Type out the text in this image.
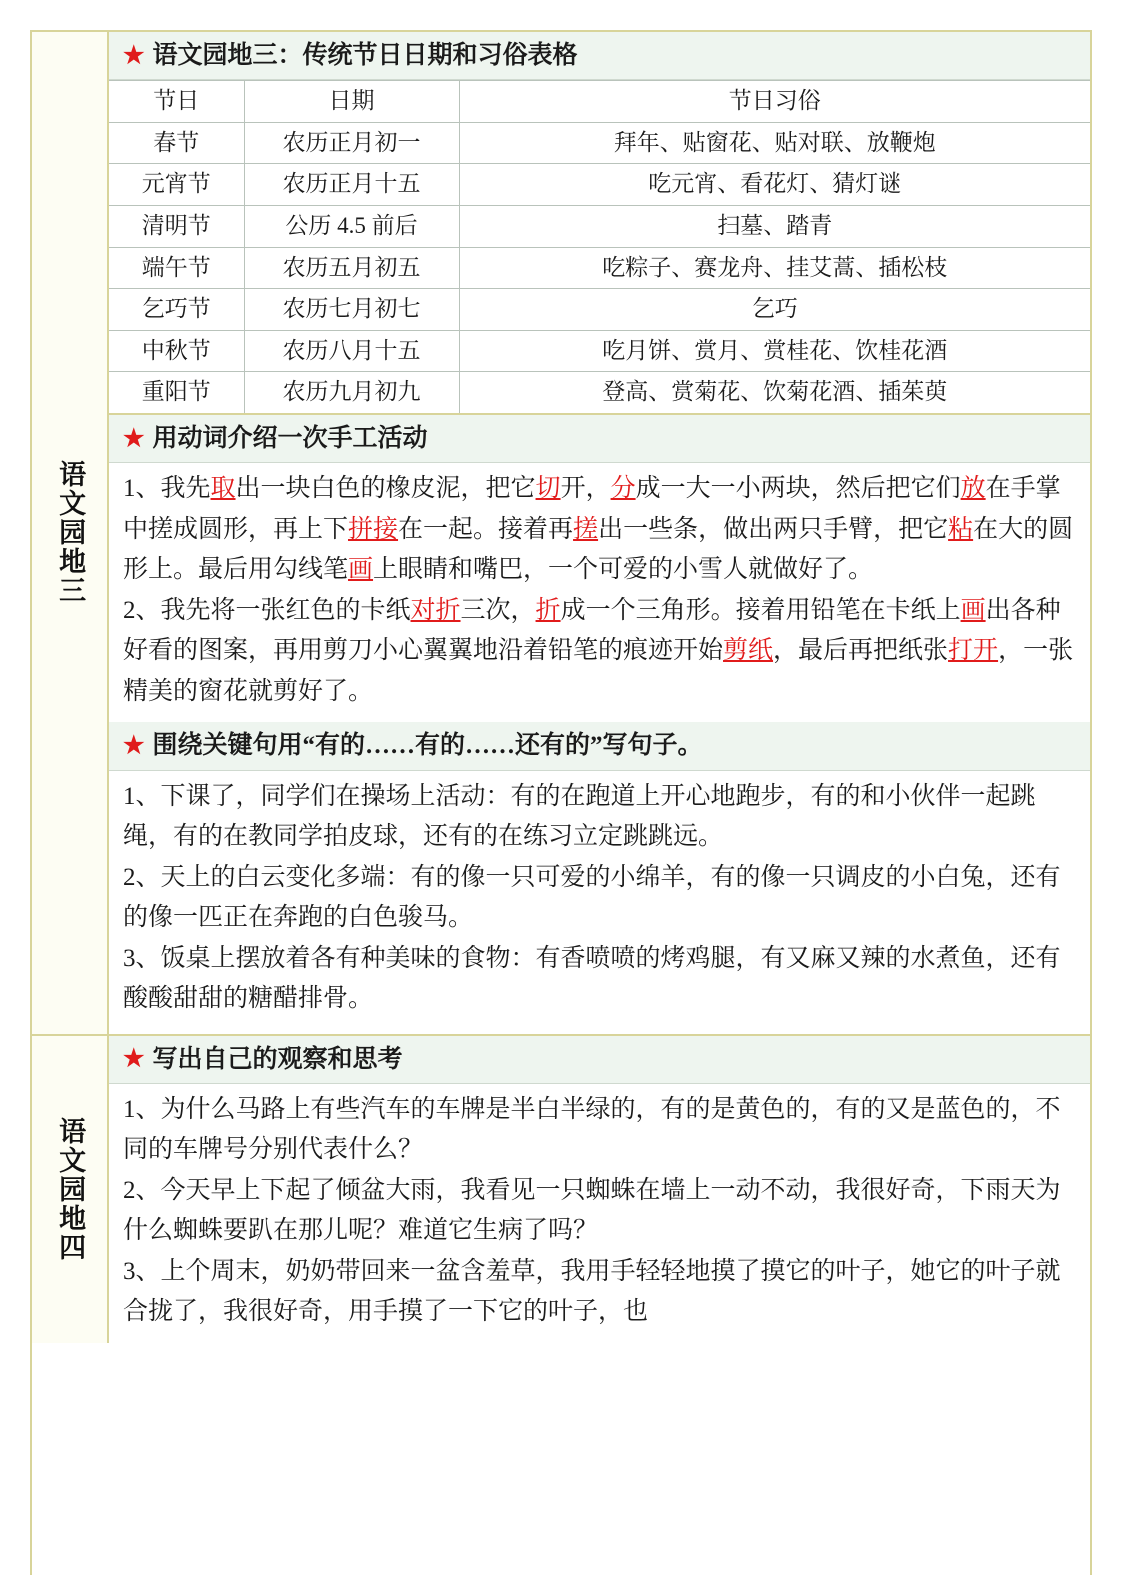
语文园地三
★ 语文园地三：传统节日日期和习俗表格
节日	日期	节日习俗
春节	农历正月初一	拜年、贴窗花、贴对联、放鞭炮
元宵节	农历正月十五	吃元宵、看花灯、猜灯谜
清明节	公历 4.5 前后	扫墓、踏青
端午节	农历五月初五	吃粽子、赛龙舟、挂艾蒿、插松枝
乞巧节	农历七月初七	乞巧
中秋节	农历八月十五	吃月饼、赏月、赏桂花、饮桂花酒
重阳节	农历九月初九	登高、赏菊花、饮菊花酒、插茱萸
★ 用动词介绍一次手工活动

1、我先取出一块白色的橡皮泥，把它切开，分成一大一小两块，然后把它们放在手掌中搓成圆形，再上下拼接在一起。接着再搓出一些条，做出两只手臂，把它粘在大的圆形上。最后用勾线笔画上眼睛和嘴巴，一个可爱的小雪人就做好了。

2、我先将一张红色的卡纸对折三次，折成一个三角形。接着用铅笔在卡纸上画出各种好看的图案，再用剪刀小心翼翼地沿着铅笔的痕迹开始剪纸，最后再把纸张打开，一张精美的窗花就剪好了。

★ 围绕关键句用“有的……有的……还有的”写句子。

1、下课了，同学们在操场上活动：有的在跑道上开心地跑步，有的和小伙伴一起跳绳，有的在教同学拍皮球，还有的在练习立定跳跳远。

2、天上的白云变化多端：有的像一只可爱的小绵羊，有的像一只调皮的小白兔，还有的像一匹正在奔跑的白色骏马。

3、饭桌上摆放着各有种美味的食物：有香喷喷的烤鸡腿，有又麻又辣的水煮鱼，还有酸酸甜甜的糖醋排骨。

语文园地四
★ 写出自己的观察和思考

1、为什么马路上有些汽车的车牌是半白半绿的，有的是黄色的，有的又是蓝色的，不同的车牌号分别代表什么？

2、今天早上下起了倾盆大雨，我看见一只蜘蛛在墙上一动不动，我很好奇，下雨天为什么蜘蛛要趴在那儿呢？难道它生病了吗？

3、上个周末，奶奶带回来一盆含羞草，我用手轻轻地摸了摸它的叶子，她它的叶子就合拢了，我很好奇，用手摸了一下它的叶子，也
